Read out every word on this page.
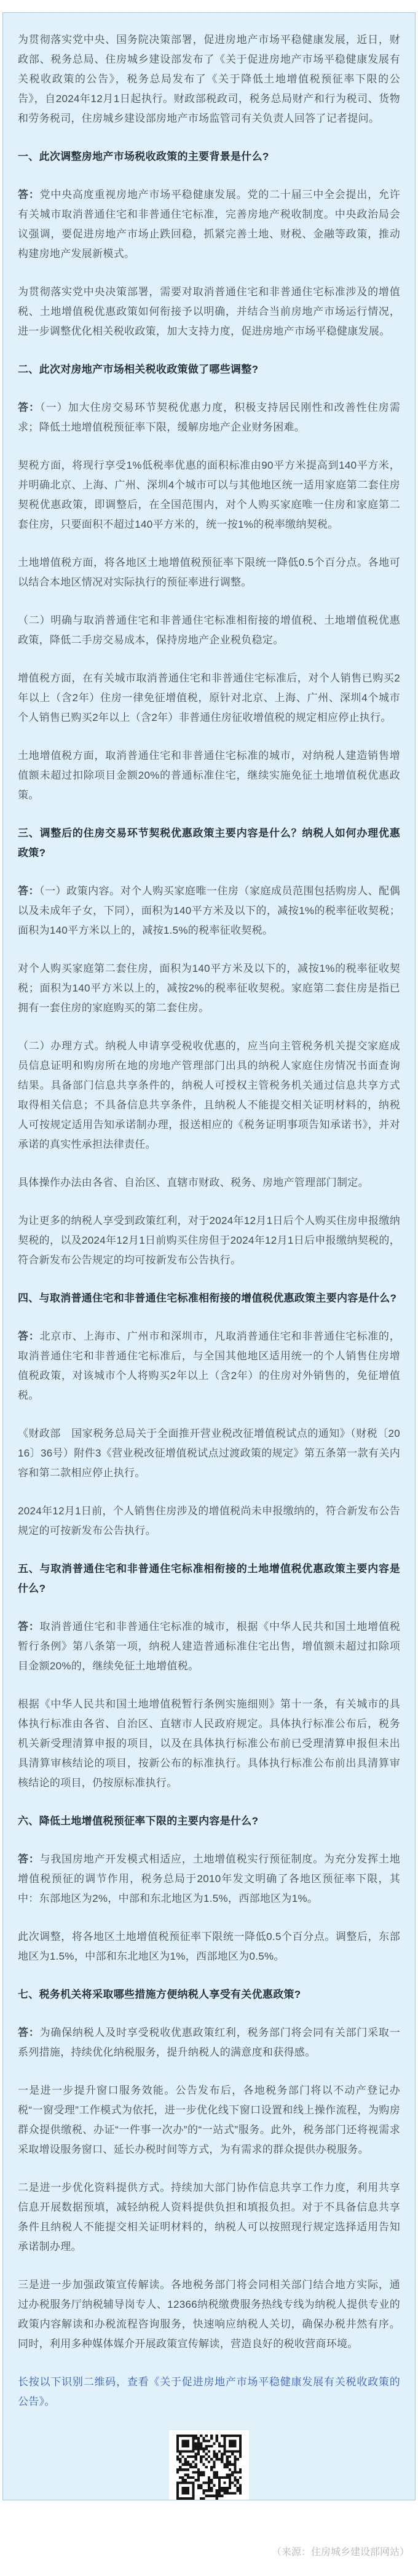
为贯彻落实党中央、国务院决策部署，促进房地产市场平稳健康发展，近日，财政部、税务总局、住房城乡建设部发布了《关于促进房地产市场平稳健康发展有关税收政策的公告》，税务总局发布了《关于降低土地增值税预征率下限的公告》，自2024年12月1日起执行。财政部税政司，税务总局财产和行为税司、货物和劳务税司，住房城乡建设部房地产市场监管司有关负责人回答了记者提问。

一、此次调整房地产市场税收政策的主要背景是什么?

答：党中央高度重视房地产市场平稳健康发展。党的二十届三中全会提出，允许有关城市取消普通住宅和非普通住宅标准，完善房地产税收制度。中央政治局会议强调，要促进房地产市场止跌回稳，抓紧完善土地、财税、金融等政策，推动构建房地产发展新模式。

为贯彻落实党中央决策部署，需要对取消普通住宅和非普通住宅标准涉及的增值税、土地增值税优惠政策如何衔接予以明确，并结合当前房地产市场运行情况，进一步调整优化相关税收政策，加大支持力度，促进房地产市场平稳健康发展。

二、此次对房地产市场相关税收政策做了哪些调整?

答：（一）加大住房交易环节契税优惠力度，积极支持居民刚性和改善性住房需求；降低土地增值税预征率下限，缓解房地产企业财务困难。

契税方面，将现行享受1%低税率优惠的面积标准由90平方米提高到140平方米，并明确北京、上海、广州、深圳4个城市可以与其他地区统一适用家庭第二套住房契税优惠政策，即调整后，在全国范围内，对个人购买家庭唯一住房和家庭第二套住房，只要面积不超过140平方米的，统一按1%的税率缴纳契税。

土地增值税方面，将各地区土地增值税预征率下限统一降低0.5个百分点。各地可以结合本地区情况对实际执行的预征率进行调整。

（二）明确与取消普通住宅和非普通住宅标准相衔接的增值税、土地增值税优惠政策，降低二手房交易成本，保持房地产企业税负稳定。

增值税方面，在有关城市取消普通住宅和非普通住宅标准后，对个人销售已购买2年以上（含2年）住房一律免征增值税，原针对北京、上海、广州、深圳4个城市个人销售已购买2年以上（含2年）非普通住房征收增值税的规定相应停止执行。

土地增值税方面，取消普通住宅和非普通住宅标准的城市，对纳税人建造销售增值额未超过扣除项目金额20%的普通标准住宅，继续实施免征土地增值税优惠政策。

三、调整后的住房交易环节契税优惠政策主要内容是什么？纳税人如何办理优惠政策?

答：（一）政策内容。对个人购买家庭唯一住房（家庭成员范围包括购房人、配偶以及未成年子女，下同），面积为140平方米及以下的，减按1%的税率征收契税；面积为140平方米以上的，减按1.5%的税率征收契税。

对个人购买家庭第二套住房，面积为140平方米及以下的，减按1%的税率征收契税；面积为140平方米以上的，减按2%的税率征收契税。家庭第二套住房是指已拥有一套住房的家庭购买的第二套住房。

（二）办理方式。纳税人申请享受税收优惠的，应当向主管税务机关提交家庭成员信息证明和购房所在地的房地产管理部门出具的纳税人家庭住房情况书面查询结果。具备部门信息共享条件的，纳税人可授权主管税务机关通过信息共享方式取得相关信息；不具备信息共享条件，且纳税人不能提交相关证明材料的，纳税人可按规定适用告知承诺制办理，报送相应的《税务证明事项告知承诺书》，并对承诺的真实性承担法律责任。

具体操作办法由各省、自治区、直辖市财政、税务、房地产管理部门制定。

为让更多的纳税人享受到政策红利，对于2024年12月1日后个人购买住房申报缴纳契税的，以及2024年12月1日前购买住房但于2024年12月1日后申报缴纳契税的，符合新发布公告规定的均可按新发布公告执行。

四、与取消普通住宅和非普通住宅标准相衔接的增值税优惠政策主要内容是什么?

答：北京市、上海市、广州市和深圳市，凡取消普通住宅和非普通住宅标准的，取消普通住宅和非普通住宅标准后，与全国其他地区适用统一的个人销售住房增值税政策，对该城市个人将购买2年以上（含2年）的住房对外销售的，免征增值税。

《财政部　国家税务总局关于全面推开营业税改征增值税试点的通知》（财税〔2016〕36号）附件3《营业税改征增值税试点过渡政策的规定》第五条第一款有关内容和第二款相应停止执行。

2024年12月1日前，个人销售住房涉及的增值税尚未申报缴纳的，符合新发布公告规定的可按新发布公告执行。

五、与取消普通住宅和非普通住宅标准相衔接的土地增值税优惠政策主要内容是什么?

答：取消普通住宅和非普通住宅标准的城市，根据《中华人民共和国土地增值税暂行条例》第八条第一项，纳税人建造普通标准住宅出售，增值额未超过扣除项目金额20%的，继续免征土地增值税。

根据《中华人民共和国土地增值税暂行条例实施细则》第十一条，有关城市的具体执行标准由各省、自治区、直辖市人民政府规定。具体执行标准公布后，税务机关新受理清算申报的项目，以及在具体执行标准公布前已受理清算申报但未出具清算审核结论的项目，按新公布的标准执行。具体执行标准公布前出具清算审核结论的项目，仍按原标准执行。

六、降低土地增值税预征率下限的主要内容是什么?

答：与我国房地产开发模式相适应，土地增值税实行预征制度。为充分发挥土地增值税预征的调节作用，税务总局于2010年发文明确了各地区预征率下限，其中：东部地区为2%，中部和东北地区为1.5%，西部地区为1%。

此次调整，将各地区土地增值税预征率下限统一降低0.5个百分点。调整后，东部地区为1.5%，中部和东北地区为1%，西部地区为0.5%。

七、税务机关将采取哪些措施方便纳税人享受有关优惠政策?

答：为确保纳税人及时享受税收优惠政策红利，税务部门将会同有关部门采取一系列措施，持续优化纳税服务，提升纳税人的满意度和获得感。

一是进一步提升窗口服务效能。公告发布后，各地税务部门将以不动产登记办税“一窗受理”工作模式为依托，进一步优化线下窗口设置和线上操作流程，为购房群众提供缴税、办证“一件事一次办”的“一站式”服务。此外，税务部门还将视需求采取增设服务窗口、延长办税时间等方式，为有需求的群众提供办税服务。

二是进一步优化资料提供方式。持续加大部门协作信息共享工作力度，利用共享信息开展数据预填，减轻纳税人资料提供负担和填报负担。对于不具备信息共享条件且纳税人不能提交相关证明材料的，纳税人可以按照现行规定选择适用告知承诺制办理。

三是进一步加强政策宣传解读。各地税务部门将会同相关部门结合地方实际，通过办税服务厅纳税辅导岗专人、12366纳税缴费服务热线专线为纳税人提供专业的政策内容解读和办税流程咨询服务，快速响应纳税人关切，确保办税井然有序。同时，利用多种媒体媒介开展政策宣传解读，营造良好的税收营商环境。

长按以下识别二维码，查看《关于促进房地产市场平稳健康发展有关税收政策的公告》。

（来源：住房城乡建设部网站）
